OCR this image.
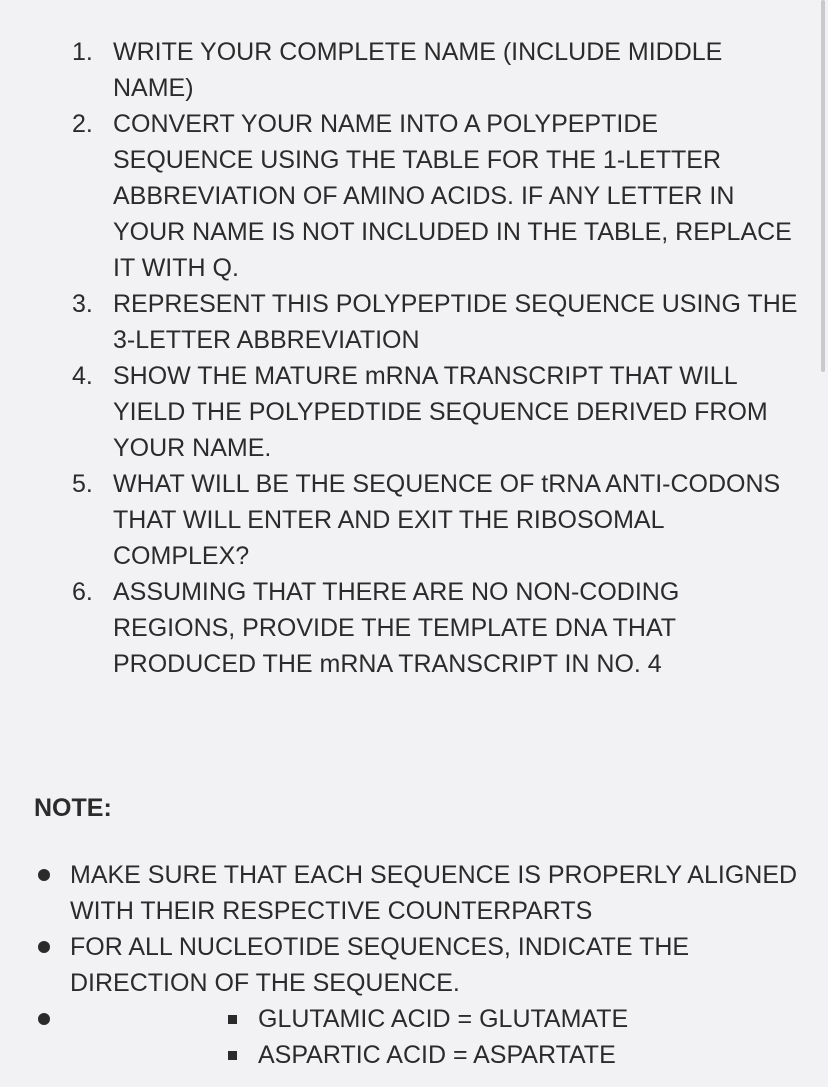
1. WRITE YOUR COMPLETE NAME (INCLUDE MIDDLE NAME)
2. CONVERT YOUR NAME INTO A POLYPEPTIDE SEQUENCE USING THE TABLE FOR THE 1-LETTER ABBREVIATION OF AMINO ACIDS. IF ANY LETTER IN YOUR NAME IS NOT INCLUDED IN THE TABLE, REPLACE IT WITH Q.
3. REPRESENT THIS POLYPEPTIDE SEQUENCE USING THE 3-LETTER ABBREVIATION
4. SHOW THE MATURE mRNA TRANSCRIPT THAT WILL YIELD THE POLYPEDTIDE SEQUENCE DERIVED FROM YOUR NAME.
5. WHAT WILL BE THE SEQUENCE OF tRNA ANTI-CODONS THAT WILL ENTER AND EXIT THE RIBOSOMAL COMPLEX?
6. ASSUMING THAT THERE ARE NO NON-CODING REGIONS, PROVIDE THE TEMPLATE DNA THAT PRODUCED THE mRNA TRANSCRIPT IN NO. 4

NOTE:

MAKE SURE THAT EACH SEQUENCE IS PROPERLY ALIGNED WITH THEIR RESPECTIVE COUNTERPARTS
FOR ALL NUCLEOTIDE SEQUENCES, INDICATE THE DIRECTION OF THE SEQUENCE.
GLUTAMIC ACID = GLUTAMATE
ASPARTIC ACID = ASPARTATE
